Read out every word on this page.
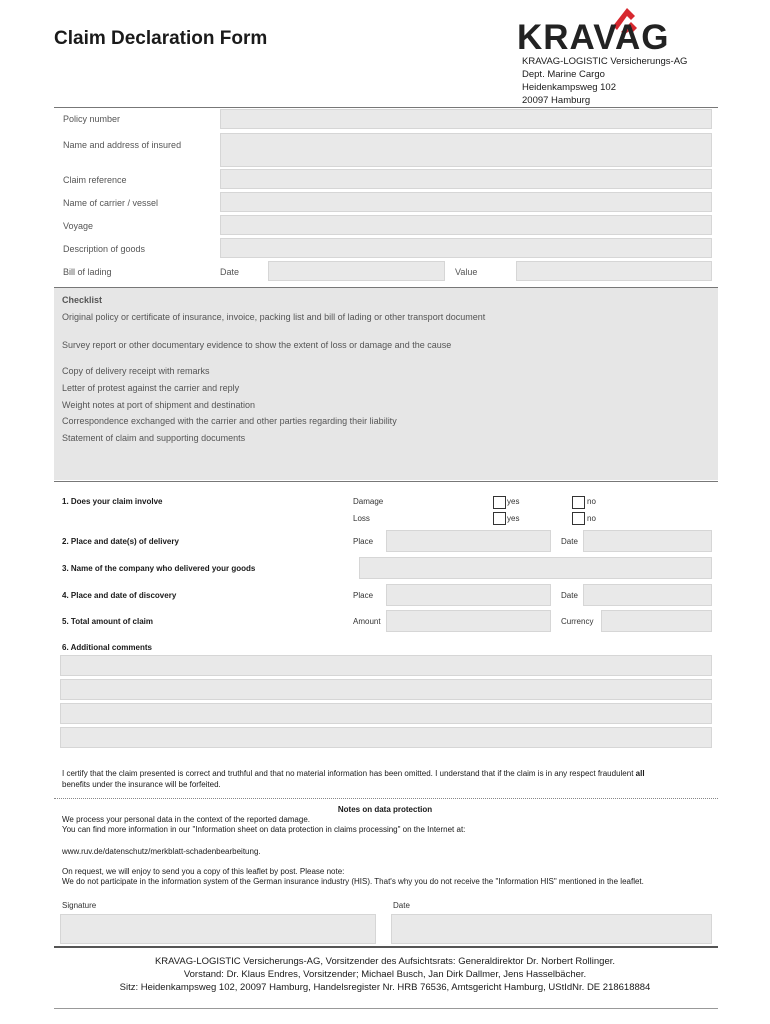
Claim Declaration Form	KRAVAG
KRAVAG-LOGISTIC Versicherungs-AG
Dept. Marine Cargo
Heidenkampsweg 102
20097 Hamburg
Policy number
Name and address of insured
Claim reference
Name of carrier / vessel
Voyage
Description of goods
Bill of lading	Date	Value
Checklist
Original policy or certificate of insurance, invoice, packing list and bill of lading or other transport document
Survey report or other documentary evidence to show the extent of loss or damage and the cause
Copy of delivery receipt with remarks
Letter of protest against the carrier and reply
Weight notes at port of shipment and destination
Correspondence exchanged with the carrier and other parties regarding their liability
Statement of claim and supporting documents
1. Does your claim involve	Damage	yes	no
Loss	yes	no
2. Place and date(s) of delivery	Place	Date
3. Name of the company who delivered your goods
4. Place and date of discovery	Place	Date
5. Total amount of claim	Amount	Currency
6. Additional comments
I certify that the claim presented is correct and truthful and that no material information has been omitted. I understand that if the claim is in any respect fraudulent all
benefits under the insurance will be forfeited.
Notes on data protection
We process your personal data in the context of the reported damage.
You can find more information in our "Information sheet on data protection in claims processing" on the Internet at:
www.ruv.de/datenschutz/merkblatt-schadenbearbeitung.
On request, we will enjoy to send you a copy of this leaflet by post. Please note:
We do not participate in the information system of the German insurance industry (HIS). That's why you do not receive the "Information HIS" mentioned in the leaflet.
Signature	Date
KRAVAG-LOGISTIC Versicherungs-AG, Vorsitzender des Aufsichtsrats: Generaldirektor Dr. Norbert Rollinger.
Vorstand: Dr. Klaus Endres, Vorsitzender; Michael Busch, Jan Dirk Dallmer, Jens Hasselbächer.
Sitz: Heidenkampsweg 102, 20097 Hamburg, Handelsregister Nr. HRB 76536, Amtsgericht Hamburg, UStIdNr. DE 218618884
